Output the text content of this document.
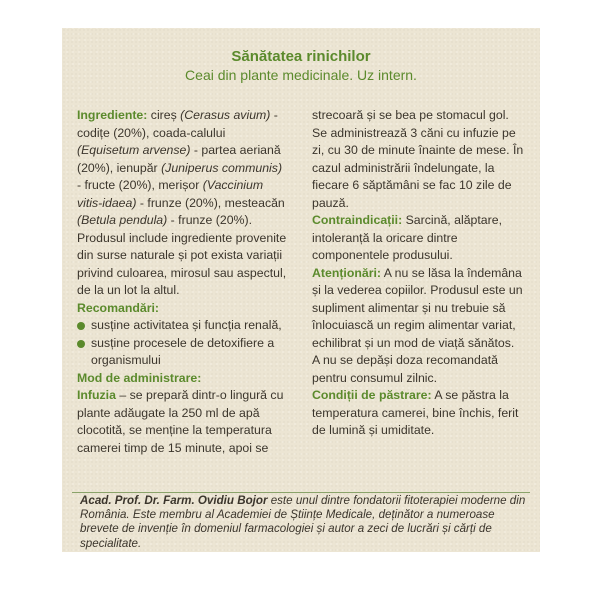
Sănătatea rinichilor
Ceai din plante medicinale. Uz intern.

Ingrediente: cireș (Cerasus avium) - codițe (20%), coada-calului (Equisetum arvense) - partea aeriană (20%), ienupăr (Juniperus communis) - fructe (20%), merișor (Vaccinium vitis-idaea) - frunze (20%), mesteacăn (Betula pendula) - frunze (20%). Produsul include ingrediente provenite din surse naturale și pot exista variații privind culoarea, mirosul sau aspectul, de la un lot la altul.

Recomandări:
susține activitatea și funcția renală,
susține procesele de detoxifiere a organismului
Mod de administrare:

Infuzia – se prepară dintr-o lingură cu plante adăugate la 250 ml de apă clocotită, se menține la temperatura camerei timp de 15 minute, apoi se

strecoară și se bea pe stomacul gol. Se administrează 3 căni cu infuzie pe zi, cu 30 de minute înainte de mese. În cazul administrării îndelungate, la fiecare 6 săptămâni se fac 10 zile de pauză.

Contraindicații: Sarcină, alăptare, intoleranță la oricare dintre componentele produsului.

Atenționări: A nu se lăsa la îndemâna și la vederea copiilor. Produsul este un supliment alimentar și nu trebuie să înlocuiască un regim alimentar variat, echilibrat și un mod de viață sănătos. A nu se depăși doza recomandată pentru consumul zilnic.

Condiții de păstrare: A se păstra la temperatura camerei, bine închis, ferit de lumină și umiditate.

Acad. Prof. Dr. Farm. Ovidiu Bojor este unul dintre fondatorii fitoterapiei moderne din România. Este membru al Academiei de Științe Medicale, deținător a numeroase brevete de invenție în domeniul farmacologiei și autor a zeci de lucrări și cărți de specialitate.
